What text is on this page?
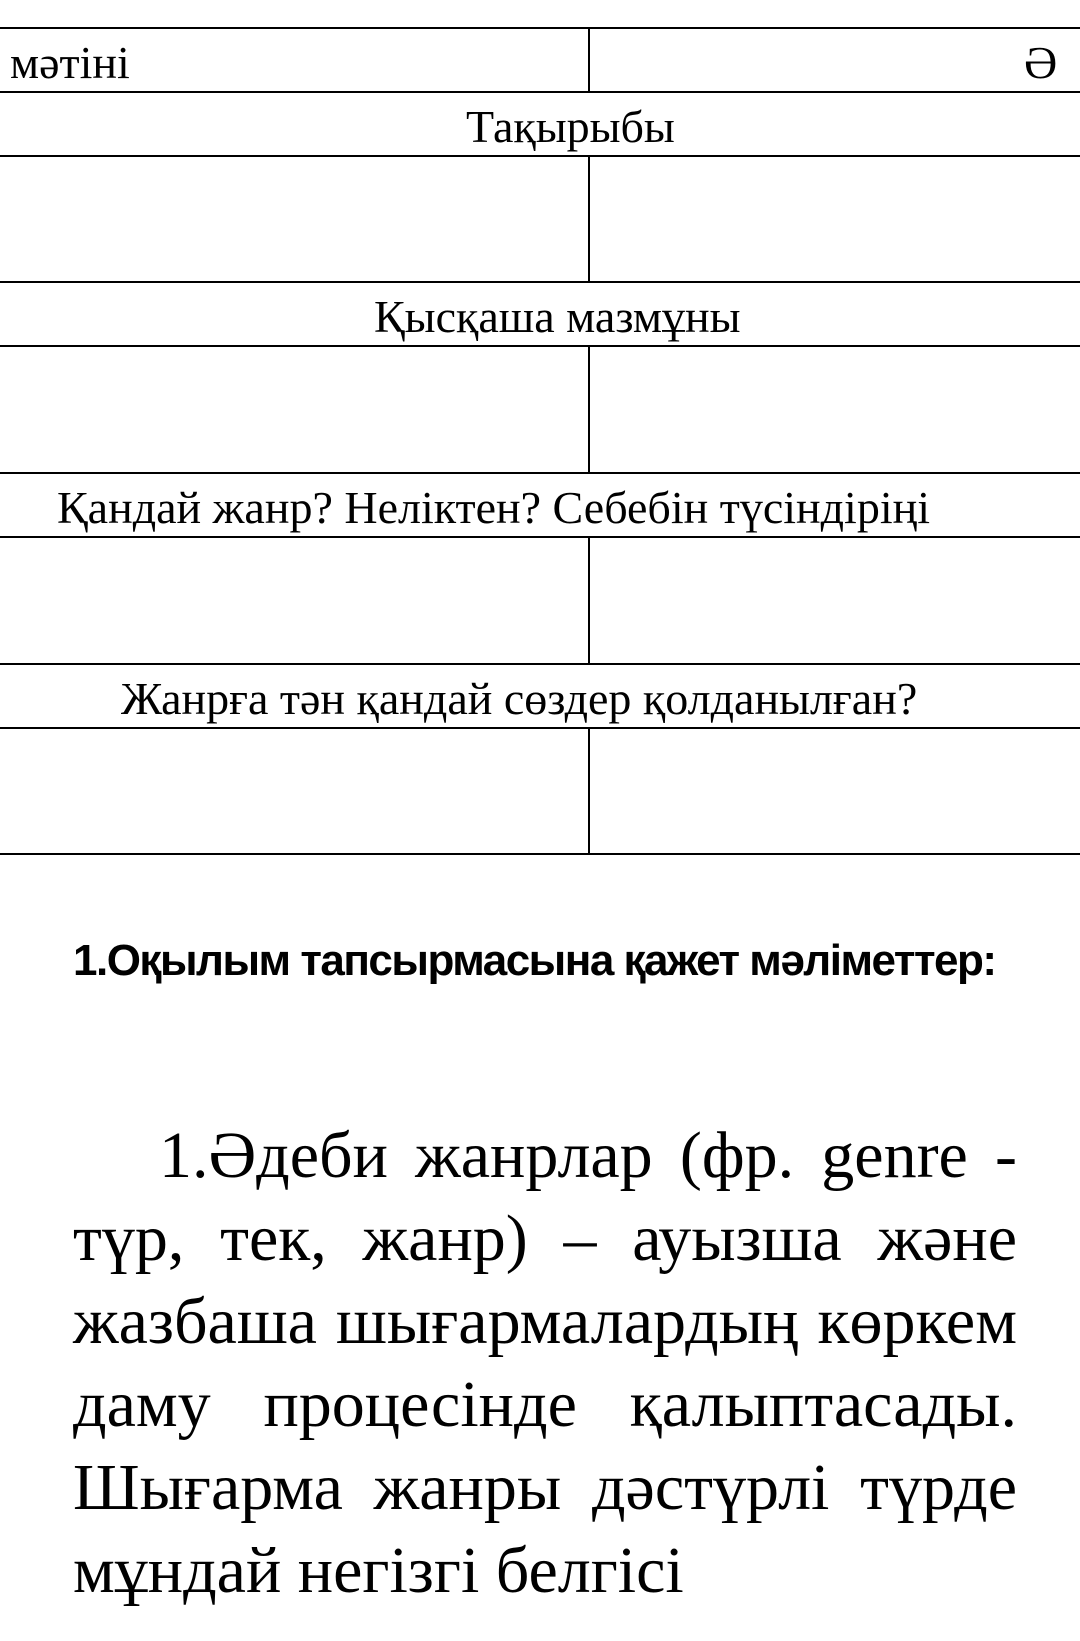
мәтіні	Ә
Тақырыбы
Қысқаша мазмұны
Қандай жанр? Неліктен? Себебін түсіндіріңі
Жанрға тән қандай сөздер қолданылған?
1.Оқылым тапсырмасына қажет мәліметтер:

1.Әдеби жанрлар (фр. genre - түр, тек, жанр) – ауызша және жазбаша шығармалардың көркем даму процесінде қалыптасады. Шығарма жанры дәстүрлі түрде мұндай негізгі белгісі
